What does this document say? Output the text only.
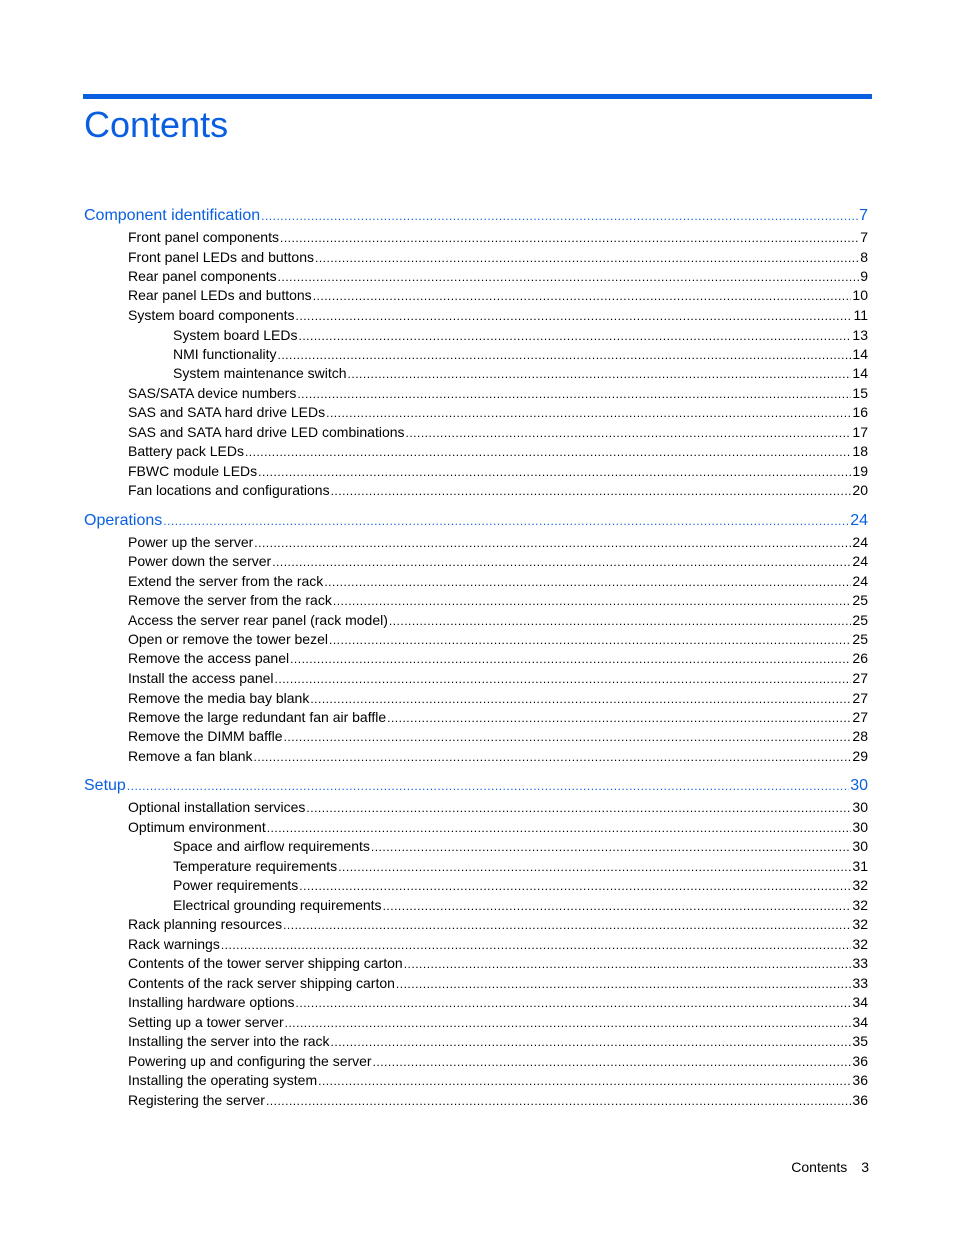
Contents
Component identification .....	7
Front panel components .....	7
Front panel LEDs and buttons .....	8
Rear panel components .....	9
Rear panel LEDs and buttons .....	10
System board components .....	11
System board LEDs .....	13
NMI functionality .....	14
System maintenance switch .....	14
SAS/SATA device numbers .....	15
SAS and SATA hard drive LEDs .....	16
SAS and SATA hard drive LED combinations .....	17
Battery pack LEDs .....	18
FBWC module LEDs .....	19
Fan locations and configurations .....	20
Operations .....	24
Power up the server .....	24
Power down the server .....	24
Extend the server from the rack .....	24
Remove the server from the rack .....	25
Access the server rear panel (rack model) .....	25
Open or remove the tower bezel .....	25
Remove the access panel .....	26
Install the access panel .....	27
Remove the media bay blank .....	27
Remove the large redundant fan air baffle .....	27
Remove the DIMM baffle .....	28
Remove a fan blank .....	29
Setup .....	30
Optional installation services .....	30
Optimum environment .....	30
Space and airflow requirements .....	30
Temperature requirements .....	31
Power requirements .....	32
Electrical grounding requirements .....	32
Rack planning resources .....	32
Rack warnings .....	32
Contents of the tower server shipping carton .....	33
Contents of the rack server shipping carton .....	33
Installing hardware options .....	34
Setting up a tower server .....	34
Installing the server into the rack .....	35
Powering up and configuring the server .....	36
Installing the operating system .....	36
Registering the server .....	36
Contents 3
